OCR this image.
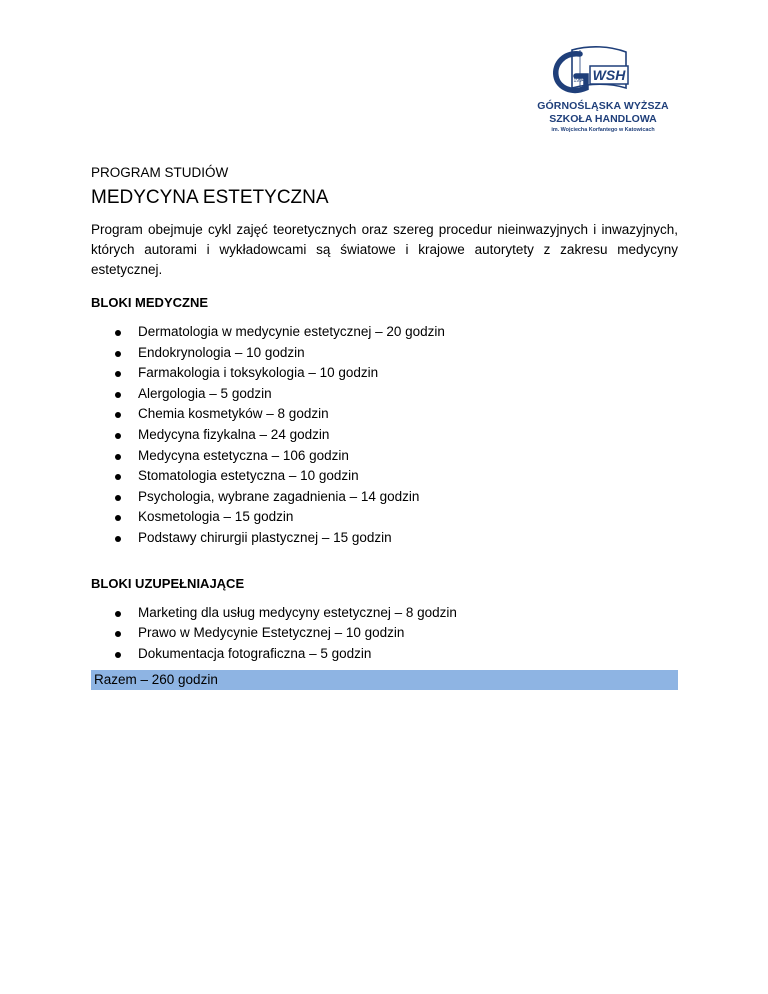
WSH
1994
GÓRNOŚLĄSKA WYŻSZA
SZKOŁA HANDLOWA
im. Wojciecha Korfantego w Katowicach

PROGRAM STUDIÓW

MEDYCYNA ESTETYCZNA

Program obejmuje cykl zajęć teoretycznych oraz szereg procedur nieinwazyjnych i inwazyjnych, których autorami i wykładowcami są światowe i krajowe autorytety z zakresu medycyny estetycznej.

BLOKI MEDYCZNE

Dermatologia w medycynie estetycznej – 20 godzin
Endokrynologia – 10 godzin
Farmakologia i toksykologia – 10 godzin
Alergologia – 5 godzin
Chemia kosmetyków – 8 godzin
Medycyna fizykalna – 24 godzin
Medycyna estetyczna – 106 godzin
Stomatologia estetyczna – 10 godzin
Psychologia, wybrane zagadnienia – 14 godzin
Kosmetologia – 15 godzin
Podstawy chirurgii plastycznej – 15 godzin

BLOKI UZUPEŁNIAJĄCE

Marketing dla usług medycyny estetycznej – 8 godzin
Prawo w Medycynie Estetycznej – 10 godzin
Dokumentacja fotograficzna – 5 godzin
Razem – 260 godzin
